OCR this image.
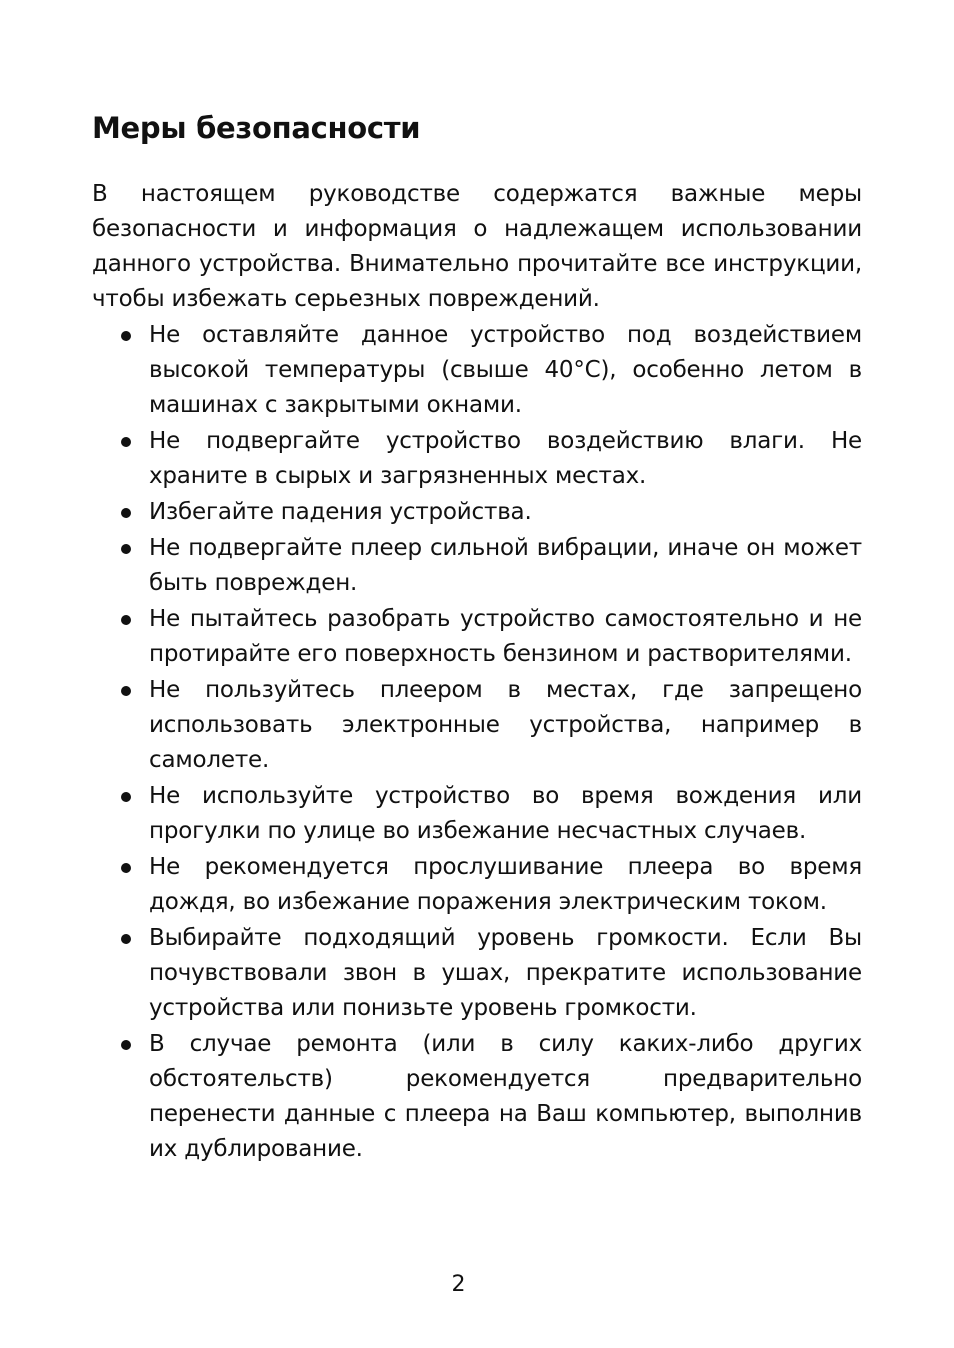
Меры безопасности

В настоящем руководстве содержатся важные меры безопасности и информация о надлежащем использовании данного устройства. Внимательно прочитайте все инструкции, чтобы избежать серьезных повреждений.

Не оставляйте данное устройство под воздействием высокой температуры (свыше 40°C), особенно летом в машинах с закрытыми окнами.
Не подвергайте устройство воздействию влаги. Не храните в сырых и загрязненных местах.
Избегайте падения устройства.
Не подвергайте плеер сильной вибрации, иначе он может быть поврежден.
Не пытайтесь разобрать устройство самостоятельно и не протирайте его поверхность бензином и растворителями.
Не пользуйтесь плеером в местах, где запрещено использовать электронные устройства, например в самолете.
Не используйте устройство во время вождения или прогулки по улице во избежание несчастных случаев.
Не рекомендуется прослушивание плеера во время дождя, во избежание поражения электрическим током.
Выбирайте подходящий уровень громкости. Если Вы почувствовали звон в ушах, прекратите использование устройства или понизьте уровень громкости.
В случае ремонта (или в силу каких-либо других обстоятельств) рекомендуется предварительно перенести данные с плеера на Ваш компьютер, выполнив их дублирование.
2
